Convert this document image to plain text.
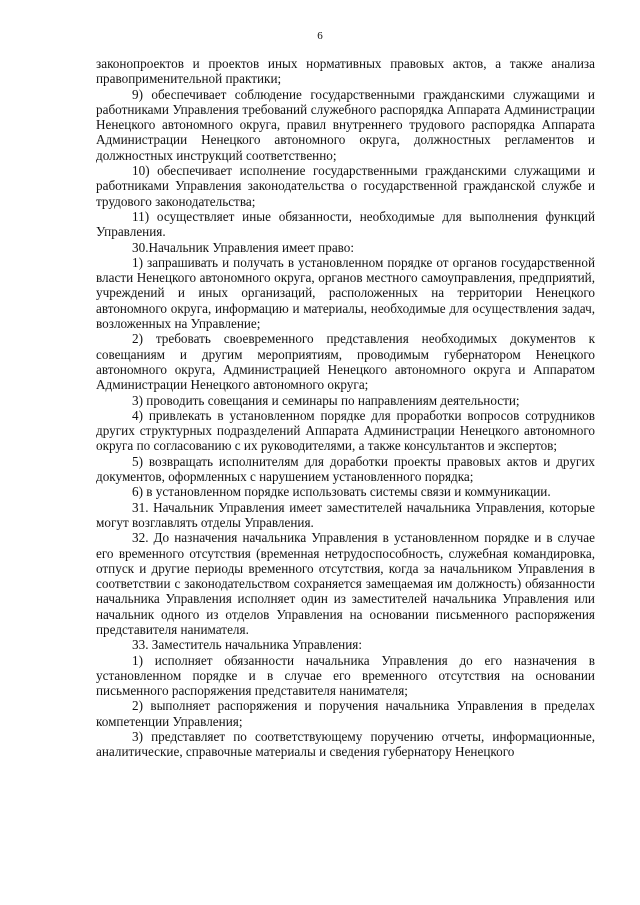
6

законопроектов и проектов иных нормативных правовых актов, а также анализа правоприменительной практики;

9) обеспечивает соблюдение государственными гражданскими служащими и работниками Управления требований служебного распорядка Аппарата Администрации Ненецкого автономного округа, правил внутреннего трудового распорядка Аппарата Администрации Ненецкого автономного округа, должностных регламентов и должностных инструкций соответственно;

10) обеспечивает исполнение государственными гражданскими служащими и работниками Управления законодательства о государственной гражданской службе и трудового законодательства;

11) осуществляет иные обязанности, необходимые для выполнения функций Управления.

30.Начальник Управления имеет право:

1) запрашивать и получать в установленном порядке от органов государственной власти Ненецкого автономного округа, органов местного самоуправления, предприятий, учреждений и иных организаций, расположенных на территории Ненецкого автономного округа, информацию и материалы, необходимые для осуществления задач, возложенных на Управление;

2) требовать своевременного представления необходимых документов к совещаниям и другим мероприятиям, проводимым губернатором Ненецкого автономного округа, Администрацией Ненецкого автономного округа и Аппаратом Администрации Ненецкого автономного округа;

3) проводить совещания и семинары по направлениям деятельности;

4) привлекать в установленном порядке для проработки вопросов сотрудников других структурных подразделений Аппарата Администрации Ненецкого автономного округа по согласованию с их руководителями, а также консультантов и экспертов;

5) возвращать исполнителям для доработки проекты правовых актов и других документов, оформленных с нарушением установленного порядка;

6) в установленном порядке использовать системы связи и коммуникации.

31. Начальник Управления имеет заместителей начальника Управления, которые могут возглавлять отделы Управления.

32. До назначения начальника Управления в установленном порядке и в случае его временного отсутствия (временная нетрудоспособность, служебная командировка, отпуск и другие периоды временного отсутствия, когда за начальником Управления в соответствии с законодательством сохраняется замещаемая им должность) обязанности начальника Управления исполняет один из заместителей начальника Управления или начальник одного из отделов Управления на основании письменного распоряжения представителя нанимателя.

33. Заместитель начальника Управления:

1) исполняет обязанности начальника Управления до его назначения в установленном порядке и в случае его временного отсутствия на основании письменного распоряжения представителя нанимателя;

2) выполняет распоряжения и поручения начальника Управления в пределах компетенции Управления;

3) представляет по соответствующему поручению отчеты, информационные, аналитические, справочные материалы и сведения губернатору Ненецкого
